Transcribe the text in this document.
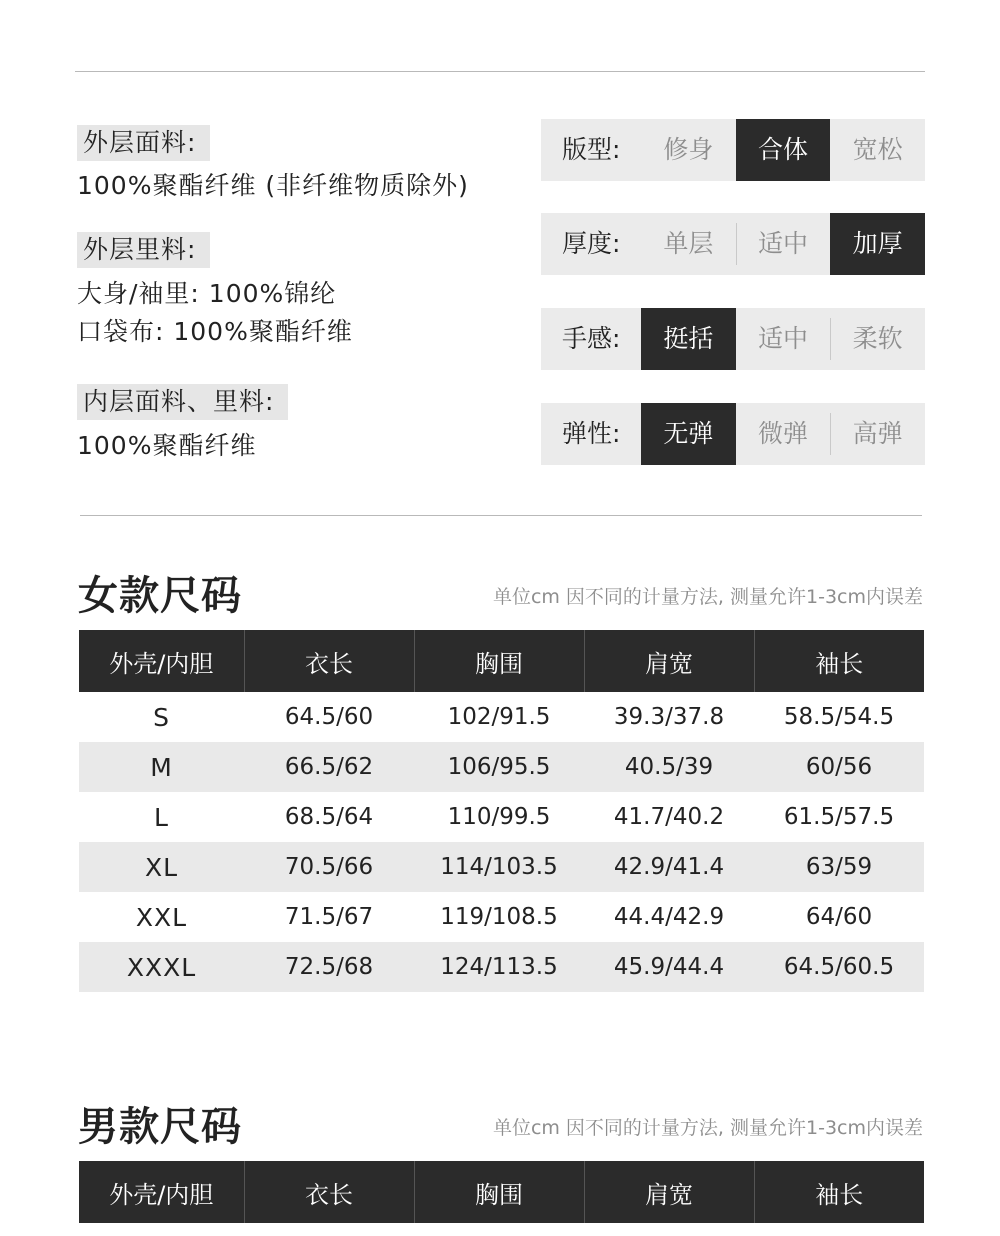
外层面料:
100%聚酯纤维 (非纤维物质除外)
外层里料:
大身/袖里: 100%锦纶
口袋布: 100%聚酯纤维
内层面料、里料:
100%聚酯纤维
版型:	修身	合体	宽松
厚度:	单层	适中	加厚
手感:	挺括	适中	柔软
弹性:	无弹	微弹	高弹
女款尺码	单位cm 因不同的计量方法, 测量允许1-3cm内误差
外壳/内胆	衣长	胸围	肩宽	袖长
S	64.5/60	102/91.5	39.3/37.8	58.5/54.5
M	66.5/62	106/95.5	40.5/39	60/56
L	68.5/64	110/99.5	41.7/40.2	61.5/57.5
XL	70.5/66	114/103.5	42.9/41.4	63/59
XXL	71.5/67	119/108.5	44.4/42.9	64/60
XXXL	72.5/68	124/113.5	45.9/44.4	64.5/60.5
男款尺码	单位cm 因不同的计量方法, 测量允许1-3cm内误差
外壳/内胆	衣长	胸围	肩宽	袖长
